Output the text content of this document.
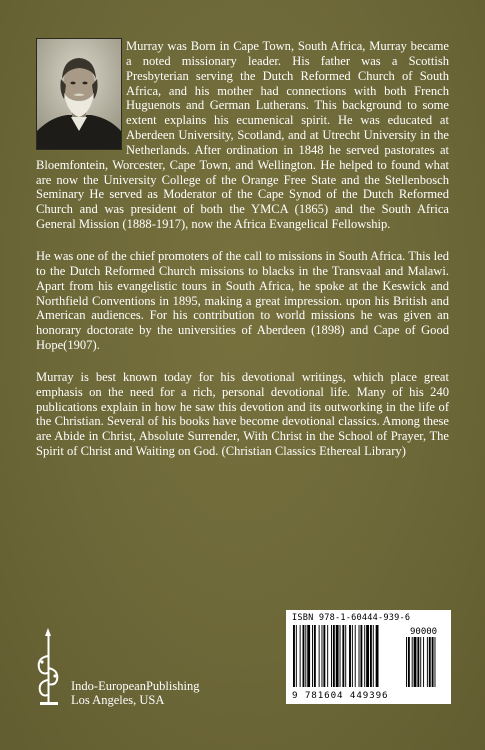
Murray was Born in Cape Town, South Africa, Murray became a noted missionary leader. His father was a Scottish Presbyterian serving the Dutch Reformed Church of South Africa, and his mother had connections with both French Huguenots and German Lutherans. This background to some extent explains his ecumenical spirit. He was educated at Aberdeen University, Scotland, and at Utrecht University in the Netherlands. After ordination in 1848 he served pastorates at Bloemfontein, Worcester, Cape Town, and Wellington. He helped to found what are now the University College of the Orange Free State and the Stellenbosch Seminary He served as Moderator of the Cape Synod of the Dutch Reformed Church and was president of both the YMCA (1865) and the South Africa General Mission (1888-1917), now the Africa Evangelical Fellowship.

He was one of the chief promoters of the call to missions in South Africa. This led to the Dutch Reformed Church missions to blacks in the Transvaal and Malawi. Apart from his evangelistic tours in South Africa, he spoke at the Keswick and Northfield Conventions in 1895, making a great impression. upon his British and American audiences. For his contribution to world missions he was given an honorary doctorate by the universities of Aberdeen (1898) and Cape of Good Hope(1907).

Murray is best known today for his devotional writings, which place great emphasis on the need for a rich, personal devotional life. Many of his 240 publications explain in how he saw this devotion and its outworking in the life of the Christian. Several of his books have become devotional classics. Among these are Abide in Christ, Absolute Surrender, With Christ in the School of Prayer, The Spirit of Christ and Waiting on God. (Christian Classics Ethereal Library)

Indo-EuropeanPublishing
Los Angeles, USA
ISBN 978-1-60444-939-6
90000
9 781604 449396
